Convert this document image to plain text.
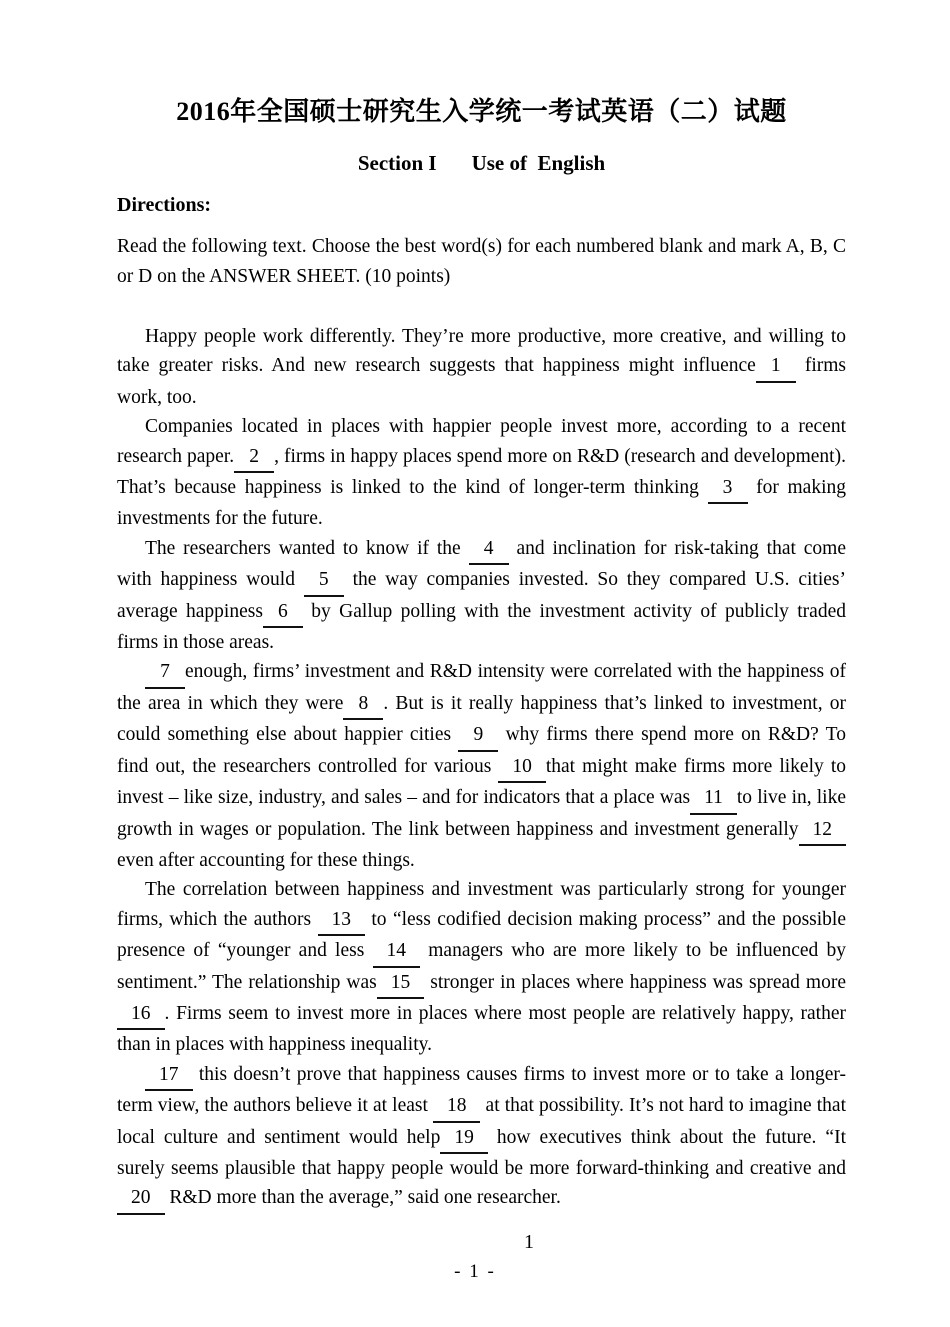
2016年全国硕士研究生入学统一考试英语（二）试题
Section I Use of  English
Directions:

Read the following text. Choose the best word(s) for each numbered blank and mark A, B, C or D on the ANSWER SHEET. (10 points)

Happy people work differently. They’re more productive, more creative, and willing to take greater risks. And new research suggests that happiness might influence 1 firms work, too.

Companies located in places with happier people invest more, according to a recent research paper. 2 , firms in happy places spend more on R&D (research and development). That’s because happiness is linked to the kind of longer-term thinking 3 for making investments for the future.

The researchers wanted to know if the 4 and inclination for risk-taking that come with happiness would 5 the way companies invested. So they compared U.S. cities’ average happiness 6 by Gallup polling with the investment activity of publicly traded firms in those areas.

7 enough, firms’ investment and R&D intensity were correlated with the happiness of the area in which they were 8 . But is it really happiness that’s linked to investment, or could something else about happier cities 9 why firms there spend more on R&D? To find out, the researchers controlled for various 10 that might make firms more likely to invest – like size, industry, and sales – and for indicators that a place was 11 to live in, like growth in wages or population. The link between happiness and investment generally 12 even after accounting for these things.

The correlation between happiness and investment was particularly strong for younger firms, which the authors 13 to “less codified decision making process” and the possible presence of “younger and less 14 managers who are more likely to be influenced by sentiment.” The relationship was 15 stronger in places where happiness was spread more16 . Firms seem to invest more in places where most people are relatively happy, rather than in places with happiness inequality.

17 this doesn’t prove that happiness causes firms to invest more or to take a longer-term view, the authors believe it at least 18 at that possibility. It’s not hard to imagine that local culture and sentiment would help 19 how executives think about the future. “It surely seems plausible that happy people would be more forward-thinking and creative and 20 R&D more than the average,” said one researcher.

1
- 1 -
